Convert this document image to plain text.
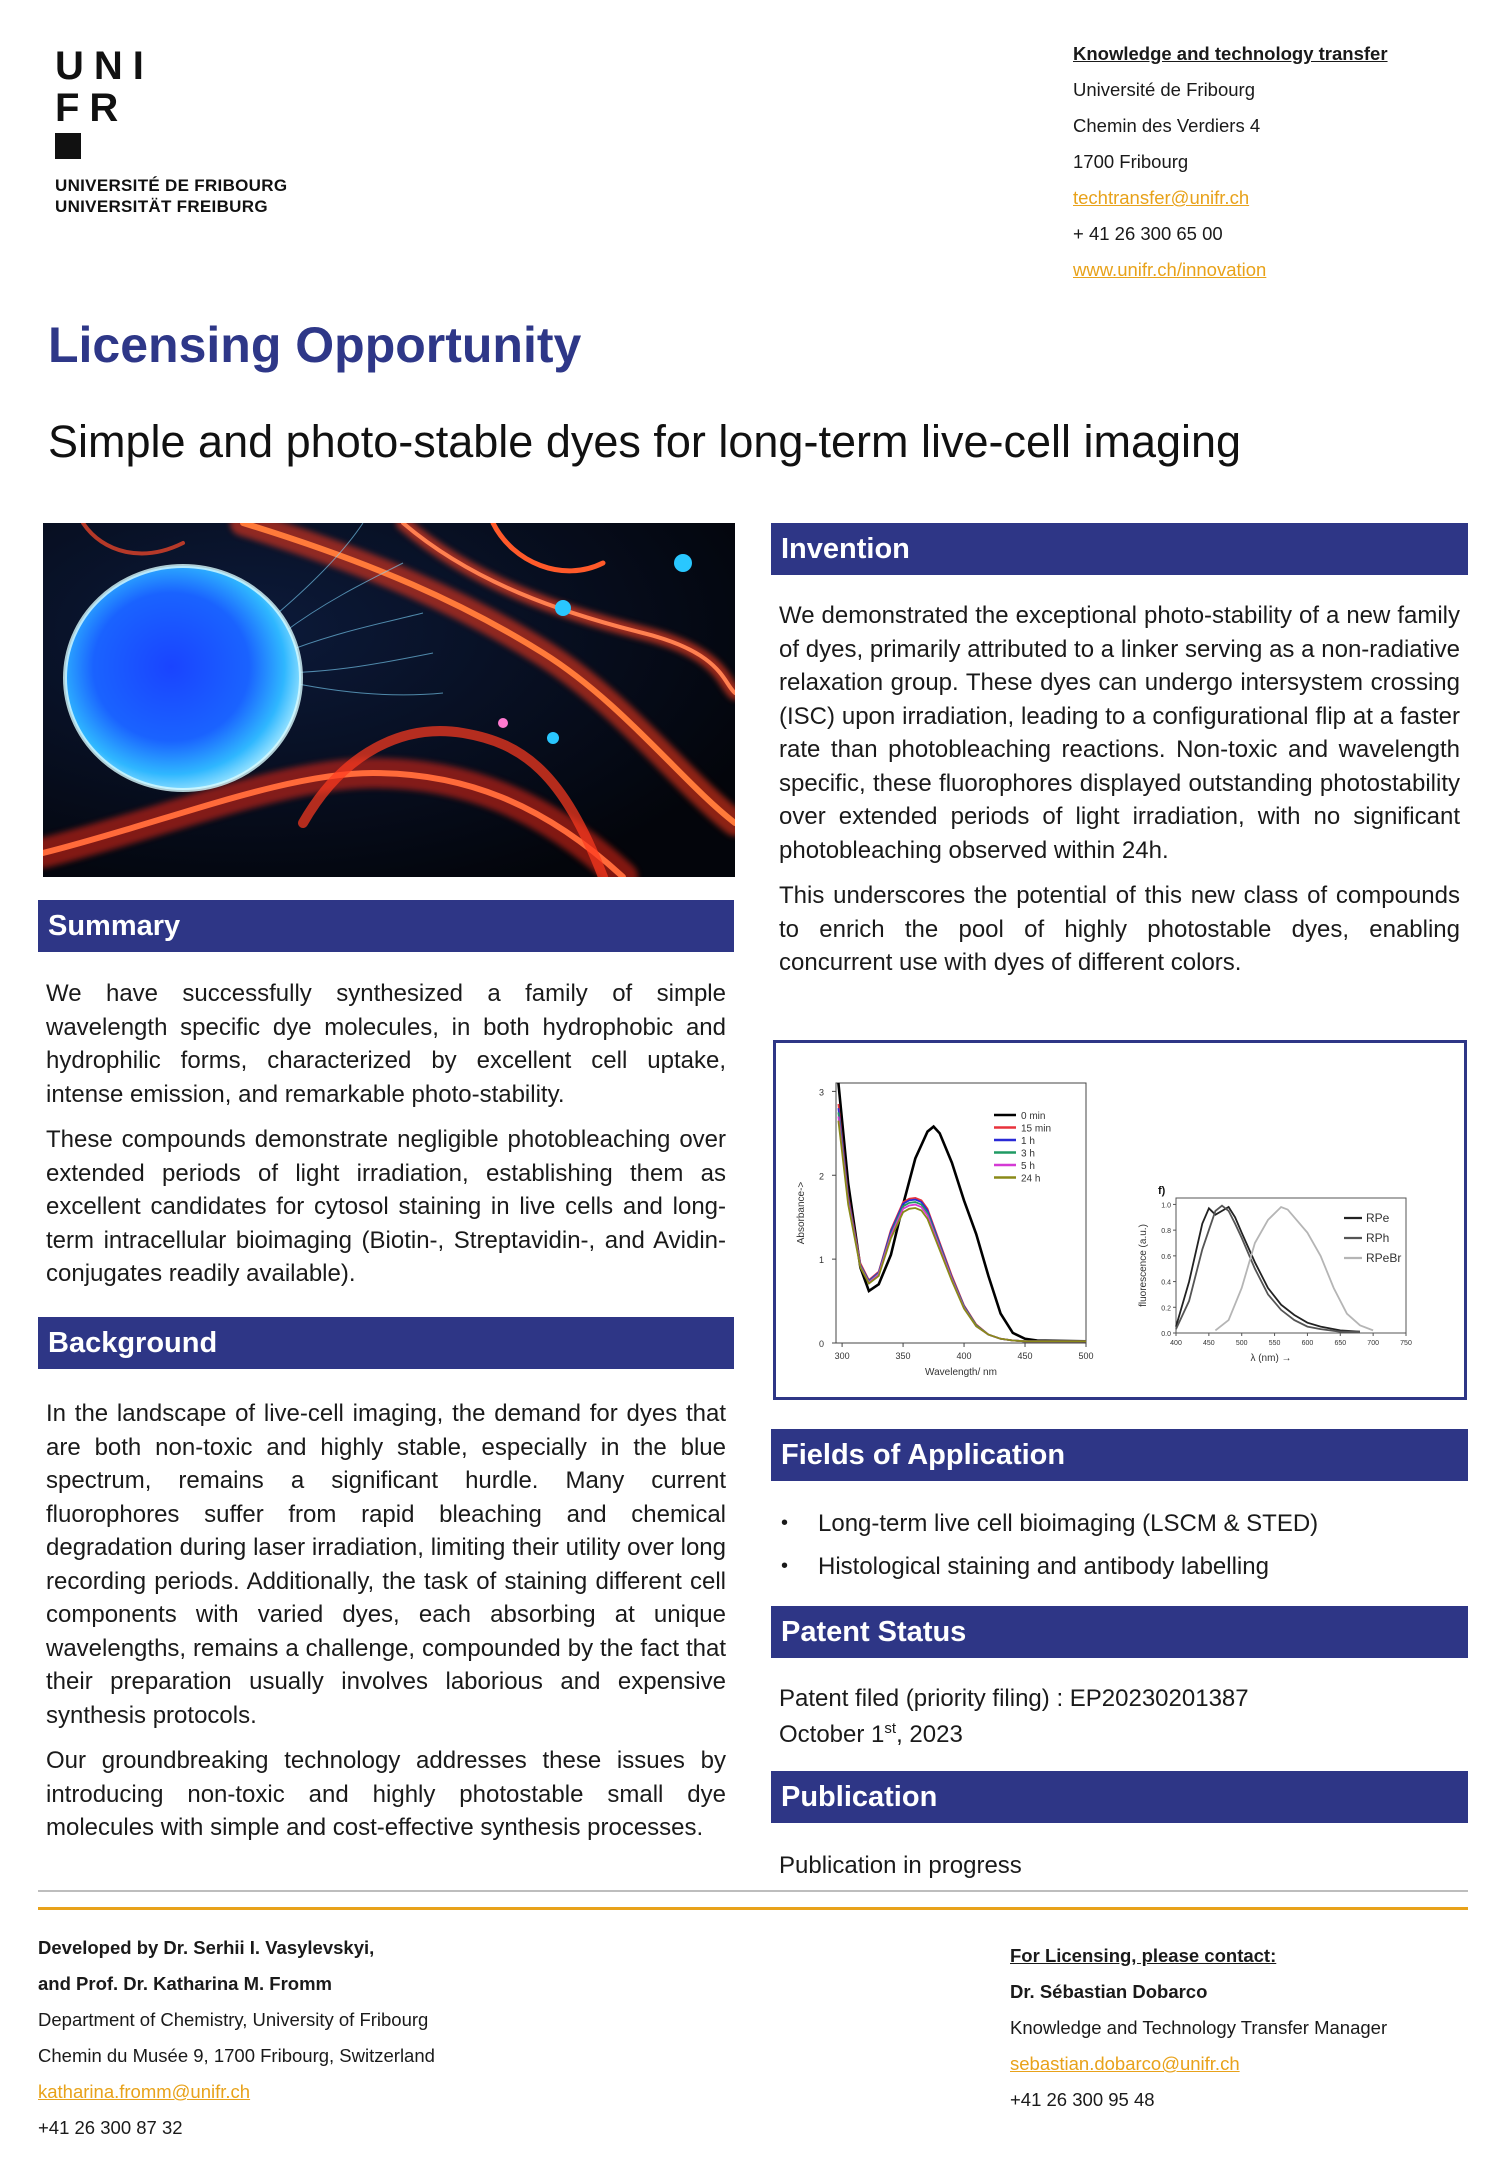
UNI
FR
UNIVERSITÉ DE FRIBOURG
UNIVERSITÄT FREIBURG
Knowledge and technology transfer
Université de Fribourg
Chemin des Verdiers 4
1700 Fribourg
techtransfer@unifr.ch
+ 41 26 300 65 00
www.unifr.ch/innovation
Licensing Opportunity
Simple and photo-stable dyes for long-term live-cell imaging
Summary

We have successfully synthesized a family of simple wavelength specific dye molecules, in both hydrophobic and hydrophilic forms, characterized by excellent cell uptake, intense emission, and remarkable photo-stability.

These compounds demonstrate negligible photobleaching over extended periods of light irradiation, establishing them as excellent candidates for cytosol staining in live cells and long-term intracellular bioimaging (Biotin-, Streptavidin-, and Avidin-conjugates readily available).

Background

In the landscape of live-cell imaging, the demand for dyes that are both non-toxic and highly stable, especially in the blue spectrum, remains a significant hurdle. Many current fluorophores suffer from rapid bleaching and chemical degradation during laser irradiation, limiting their utility over long recording periods. Additionally, the task of staining different cell components with varied dyes, each absorbing at unique wavelengths, remains a challenge, compounded by the fact that their preparation usually involves laborious and expensive synthesis protocols.

Our groundbreaking technology addresses these issues by introducing non-toxic and highly photostable small dye molecules with simple and cost-effective synthesis processes.

Invention

We demonstrated the exceptional photo-stability of a new family of dyes, primarily attributed to a linker serving as a non-radiative relaxation group. These dyes can undergo intersystem crossing (ISC) upon irradiation, leading to a configurational flip at a faster rate than photobleaching reactions. Non-toxic and wavelength specific, these fluorophores displayed outstanding photostability over extended periods of light irradiation, with no significant photobleaching observed within 24h.

This underscores the potential of this new class of compounds to enrich the pool of highly photostable dyes, enabling concurrent use with dyes of different colors.

0
1
2
3
300	350	400	450	500
Wavelength/ nm
Absorbance->
0 min
15 min
1 h
3 h
5 h
24 h
f)
0.0
0.2
0.4
0.6
0.8
1.0
400	450	500	550	600	650	700	750
λ (nm) →
fluorescence (a.u.)
RPe
RPh
RPeBr
Fields of Application
• Long-term live cell bioimaging (LSCM & STED)
• Histological staining and antibody labelling
Patent Status
Patent filed (priority filing) : EP20230201387
October 1st, 2023
Publication
Publication in progress
Developed by Dr. Serhii I. Vasylevskyi,
and Prof. Dr. Katharina M. Fromm
Department of Chemistry, University of Fribourg
Chemin du Musée 9, 1700 Fribourg, Switzerland
katharina.fromm@unifr.ch
+41 26 300 87 32
For Licensing, please contact:
Dr. Sébastian Dobarco
Knowledge and Technology Transfer Manager
sebastian.dobarco@unifr.ch
+41 26 300 95 48
